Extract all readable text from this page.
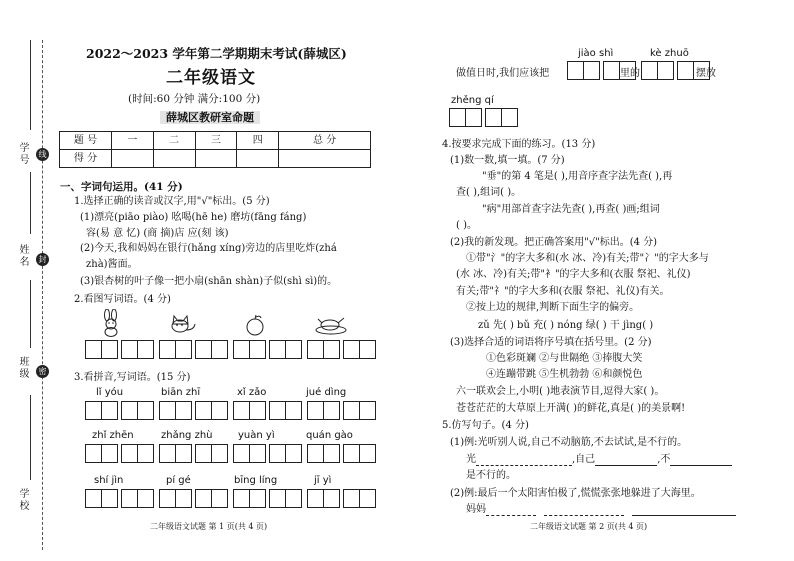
线
封
密
学号
姓名
班级
学校
2022～2023 学年第二学期期末考试(薛城区)
二年级语文
(时间:60 分钟 满分:100 分)
薛城区教研室命题
题 号	一	二	三	四	总 分
得 分					
一、字词句运用。(41 分)
1.选择正确的读音或汉字,用"√"标出。(5 分)
(1)漂亮(piāo piào) 吆喝(hē he) 磨坊(fāng fáng)
容(易 意 忆) (商 摘)店 应(刻 该)
(2)今天,我和妈妈在银行(hǎng xíng)旁边的店里吃炸(zhá
zhà)酱面。
(3)银杏树的叶子像一把小扇(shān shàn)子似(shì sì)的。
2.看图写词语。(4 分)
3.看拼音,写词语。(15 分)
lǐ yóu	biān zhī	xǐ zǎo	jué dìng
zhǐ zhēn	zhǎng zhù	yuàn yì	quán gào
shí jìn	pí gé	bīng líng	jī yì
二年级语文试题 第 1 页(共 4 页)
jiào shì	kè zhuō
做值日时,我们应该把	里的	摆放
zhěng qí
4.按要求完成下面的练习。(13 分)
(1)数一数,填一填。(7 分)
"垂"的第 4 笔是( ),用音序查字法先查( ),再
查( ),组词( )。
"病"用部首查字法先查( ),再查( )画;组词
( )。
(2)我的新发现。把正确答案用"√"标出。(4 分)
①带"氵"的字大多和(水 冰、冷)有关;带"冫"的字大多与
(水 冰、冷)有关;带"衤"的字大多和(衣服 祭祀、礼仪)
有关;带"礻"的字大多和(衣服 祭祀、礼仪)有关。
②按上边的规律,判断下面生字的偏旁。
zǔ 先( ) bǔ 充( ) nóng 绿( ) 干 jìng( )
(3)选择合适的词语将序号填在括号里。(2 分)
①色彩斑斓 ②与世隔绝 ③捧腹大笑
④连蹦带跳 ⑤生机勃勃 ⑥和颜悦色
六一联欢会上,小明( )地表演节目,逗得大家( )。
苍苍茫茫的大草原上开满( )的鲜花,真是( )的美景啊!
5.仿写句子。(4 分)
(1)例:光听别人说,自己不动脑筋,不去试试,是不行的。
光	,自己	,不
是不行的。
(2)例:最后一个太阳害怕极了,慌慌张张地躲进了大海里。
妈妈
二年级语文试题 第 2 页(共 4 页)
